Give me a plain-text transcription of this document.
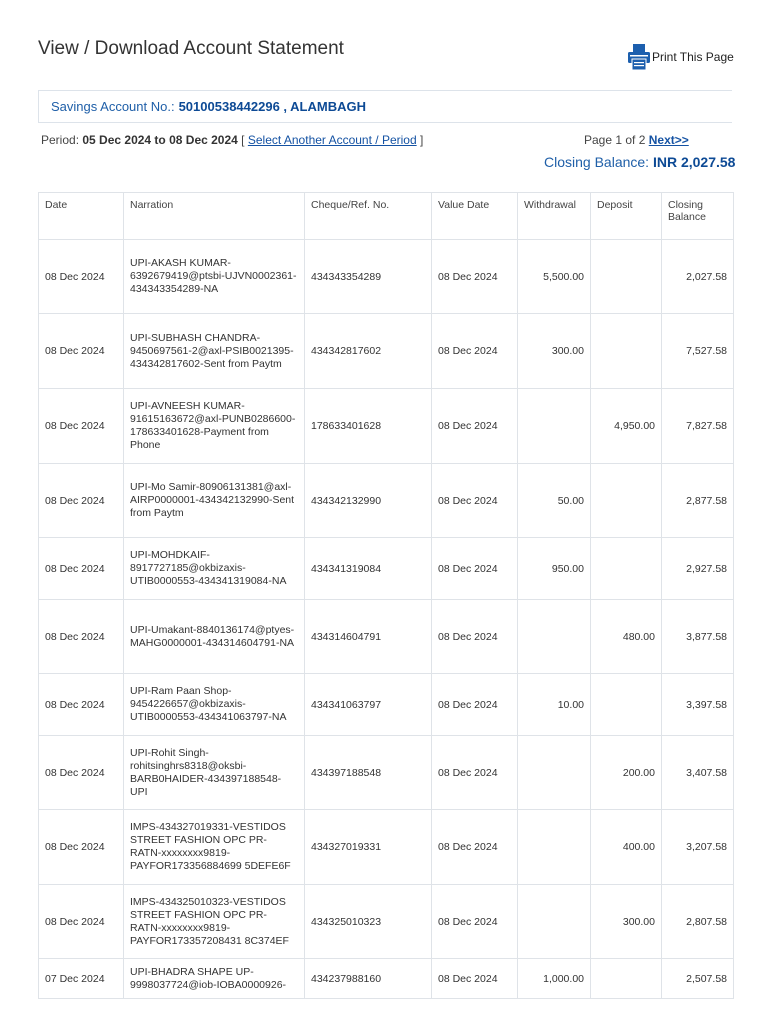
View / Download Account Statement	Print This Page
Savings Account No.: 50100538442296 , ALAMBAGH
Period: 05 Dec 2024 to 08 Dec 2024 [ Select Another Account / Period ]	Page 1 of 2 Next>>
Closing Balance: INR 2,027.58
Date	Narration	Cheque/Ref. No.	Value Date	Withdrawal	Deposit	Closing Balance
08 Dec 2024	UPI-AKASH KUMAR-6392679419@ptsbi-UJVN0002361-434343354289-NA	434343354289	08 Dec 2024	5,500.00		2,027.58
08 Dec 2024	UPI-SUBHASH CHANDRA-9450697561-2@axl-PSIB0021395-434342817602-Sent from Paytm	434342817602	08 Dec 2024	300.00		7,527.58
08 Dec 2024	UPI-AVNEESH KUMAR-91615163672@axl-PUNB0286600-178633401628-Payment from Phone	178633401628	08 Dec 2024		4,950.00	7,827.58
08 Dec 2024	UPI-Mo Samir-80906131381@axl-AIRP0000001-434342132990-Sent from Paytm	434342132990	08 Dec 2024	50.00		2,877.58
08 Dec 2024	UPI-MOHDKAIF-8917727185@okbizaxis-UTIB0000553-434341319084-NA	434341319084	08 Dec 2024	950.00		2,927.58
08 Dec 2024	UPI-Umakant-8840136174@ptyes-MAHG0000001-434314604791-NA	434314604791	08 Dec 2024		480.00	3,877.58
08 Dec 2024	UPI-Ram Paan Shop-9454226657@okbizaxis-UTIB0000553-434341063797-NA	434341063797	08 Dec 2024	10.00		3,397.58
08 Dec 2024	UPI-Rohit Singh-rohitsinghrs8318@oksbi-BARB0HAIDER-434397188548-UPI	434397188548	08 Dec 2024		200.00	3,407.58
08 Dec 2024	IMPS-434327019331-VESTIDOS STREET FASHION OPC PR-RATN-xxxxxxxx9819-PAYFOR173356884699 5DEFE6F	434327019331	08 Dec 2024		400.00	3,207.58
08 Dec 2024	IMPS-434325010323-VESTIDOS STREET FASHION OPC PR-RATN-xxxxxxxx9819-PAYFOR173357208431 8C374EF	434325010323	08 Dec 2024		300.00	2,807.58
07 Dec 2024	UPI-BHADRA SHAPE UP-9998037724@iob-IOBA0000926-	434237988160	08 Dec 2024	1,000.00		2,507.58
